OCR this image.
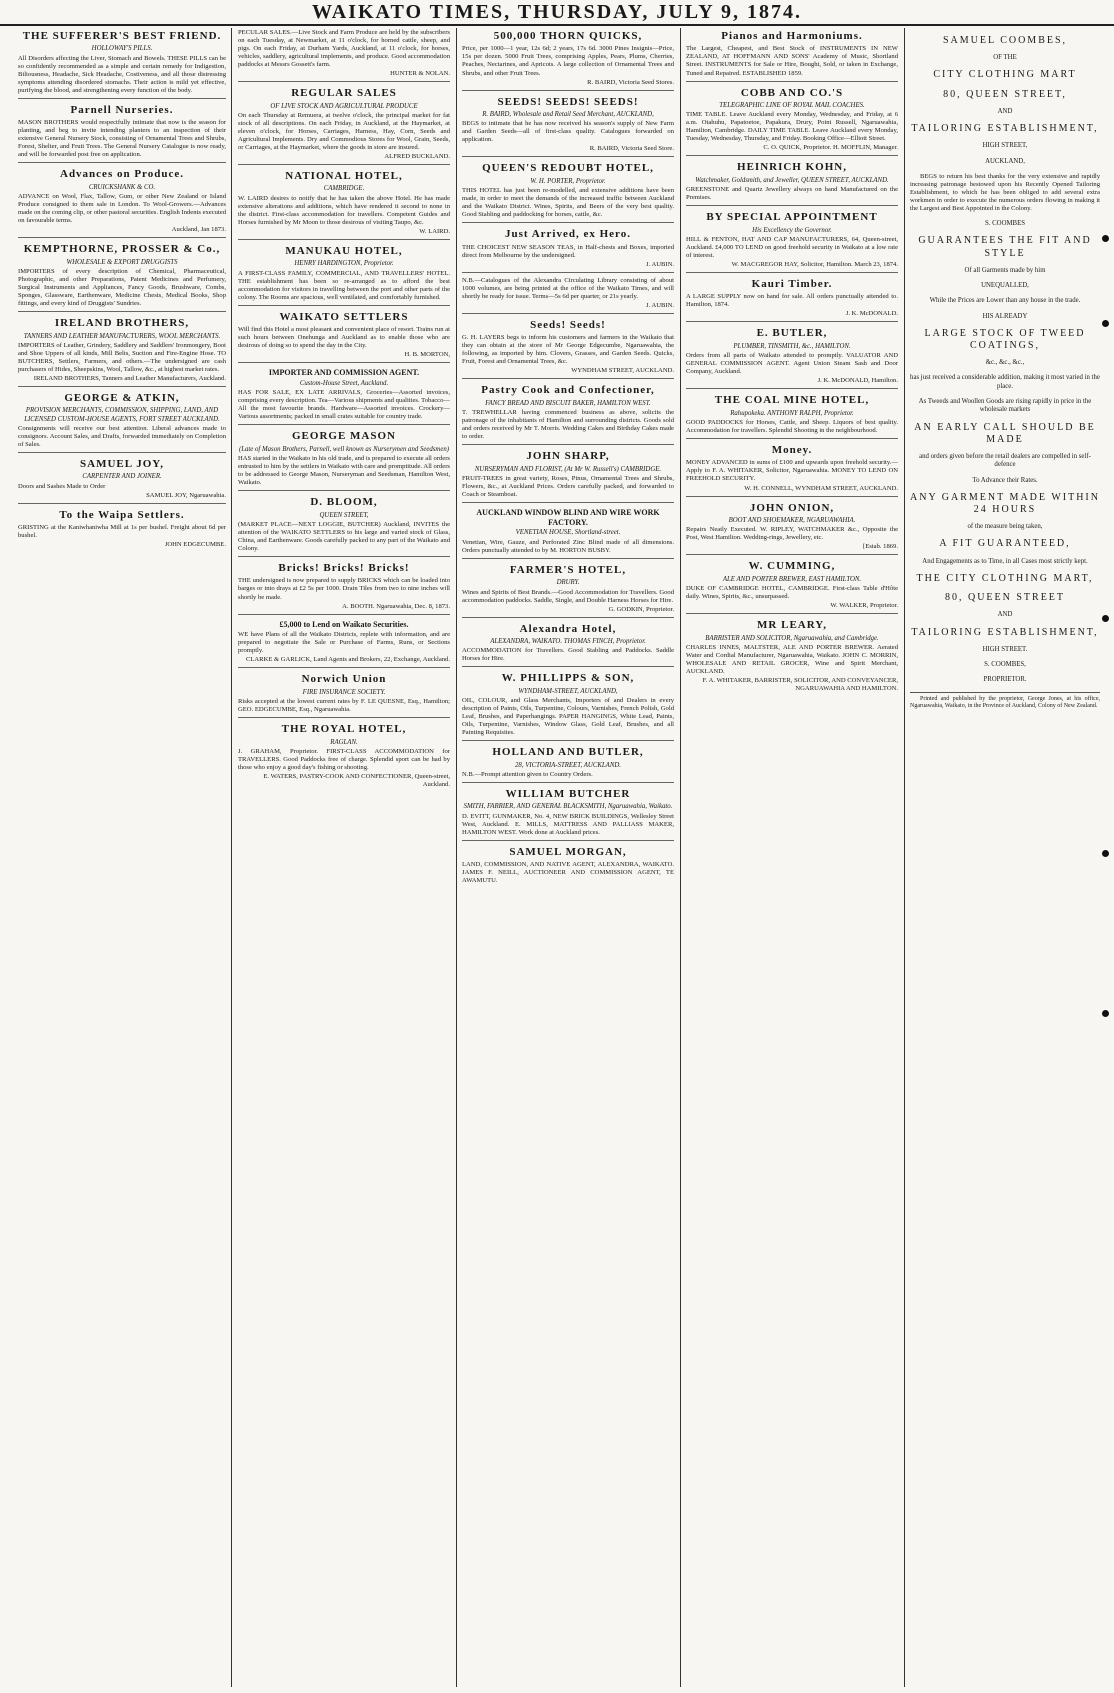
WAIKATO TIMES, THURSDAY, JULY 9, 1874.
THE SUFFERER'S BEST FRIEND.
HOLLOWAY'S PILLS.
All Disorders affecting the Liver, Stomach and Bowels. THESE PILLS can be so confidently recommended as a simple and certain remedy for Indigestion, Biliousness, Headache, Sick Headache, Costiveness, and all those distressing symptoms attending disordered stomachs. Their action is mild yet effective, purifying the blood, and strengthening every function of the body.
Parnell Nurseries.
MASON BROTHERS would respectfully intimate that now is the season for planting, and beg to invite intending planters to an inspection of their extensive General Nursery Stock, consisting of Ornamental Trees and Shrubs, Forest, Shelter, and Fruit Trees. The General Nursery Catalogue is now ready, and will be forwarded post free on application.
Advances on Produce.
CRUICKSHANK & CO.
ADVANCE on Wool, Flax, Tallow, Gum, or other New Zealand or Island Produce consigned to them sale in London. To Wool-Growers.—Advances made on the coming clip, or other pastoral securities. English Indents executed on favourable terms.
Auckland, Jan 1873.
KEMPTHORNE, PROSSER & Co.,
WHOLESALE & EXPORT DRUGGISTS
IMPORTERS of every description of Chemical, Pharmaceutical, Photographic, and other Preparations, Patent Medicines and Perfumery, Surgical Instruments and Appliances, Fancy Goods, Brushware, Combs, Sponges, Glassware, Earthenware, Medicine Chests, Medical Books, Shop fittings, and every kind of Druggists' Sundries.
IRELAND BROTHERS,
TANNERS AND LEATHER MANUFACTURERS, WOOL MERCHANTS.
IMPORTERS of Leather, Grindery, Saddlery and Saddlers' Ironmongery, Boot and Shoe Uppers of all kinds, Mill Belts, Suction and Fire-Engine Hose. TO BUTCHERS, Settlers, Farmers, and others.—The undersigned are cash purchasers of Hides, Sheepskins, Wool, Tallow, &c., at highest market rates.
IRELAND BROTHERS, Tanners and Leather Manufacturers, Auckland.
GEORGE & ATKIN,
PROVISION MERCHANTS, COMMISSION, SHIPPING, LAND, AND LICENSED CUSTOM-HOUSE AGENTS, FORT STREET AUCKLAND.
Consignments will receive our best attention. Liberal advances made to consignors. Account Sales, and Drafts, forwarded immediately on Completion of Sales.
SAMUEL JOY,
CARPENTER AND JOINER.
Doors and Sashes Made to Order
SAMUEL JOY, Ngaruawahia.
To the Waipa Settlers.
GRISTING at the Kaniwhaniwha Mill at 1s per bushel. Freight about 6d per bushel.
JOHN EDGECUMBE.
PECULAR SALES.—Live Stock and Farm Produce are held by the subscribers on each Tuesday, at Newmarket, at 11 o'clock, for horned cattle, sheep, and pigs. On each Friday, at Durham Yards, Auckland, at 11 o'clock, for horses, vehicles, saddlery, agricultural implements, and produce. Good accommodation paddocks at Messrs Gossett's farm.
HUNTER & NOLAN.
REGULAR SALES
OF LIVE STOCK AND AGRICULTURAL PRODUCE
On each Thursday at Remuera, at twelve o'clock, the principal market for fat stock of all descriptions. On each Friday, in Auckland, at the Haymarket, at eleven o'clock, for Horses, Carriages, Harness, Hay, Corn, Seeds and Agricultural Implements. Dry and Commodious Stores for Wool, Grain, Seeds, or Carriages, at the Haymarket, where the goods in store are insured.
ALFRED BUCKLAND.
NATIONAL HOTEL,
CAMBRIDGE.
W. LAIRD desires to notify that he has taken the above Hotel. He has made extensive alterations and additions, which have rendered it second to none in the district. First-class accommodation for travellers. Competent Guides and Horses furnished by Mr Moon to those desirous of visiting Taupo, &c.
W. LAIRD.
MANUKAU HOTEL,
HENRY HARDINGTON, Proprietor.
A FIRST-CLASS FAMILY, COMMERCIAL, AND TRAVELLERS' HOTEL. THE establishment has been so re-arranged as to afford the best accommodation for visitors in travelling between the port and other parts of the colony. The Rooms are spacious, well ventilated, and comfortably furnished.
WAIKATO SETTLERS
Will find this Hotel a most pleasant and convenient place of resort. Trains run at such hours between Onehunga and Auckland as to enable those who are desirous of doing so to spend the day in the City.
H. B. MORTON,
IMPORTER AND COMMISSION AGENT.
Custom-House Street, Auckland.
HAS FOR SALE, EX LATE ARRIVALS, Groceries—Assorted invoices, comprising every description. Tea—Various shipments and qualities. Tobacco—All the most favourite brands. Hardware—Assorted invoices. Crockery—Various assortments; packed in small crates suitable for country trade.
GEORGE MASON
(Late of Mason Brothers, Parnell, well known as Nurserymen and Seedsmen)
HAS started in the Waikato in his old trade, and is prepared to execute all orders entrusted to him by the settlers in Waikato with care and promptitude. All orders to be addressed to George Mason, Nurseryman and Seedsman, Hamilton West, Waikato.
D. BLOOM,
QUEEN STREET,
(MARKET PLACE—NEXT LOGGIE, BUTCHER) Auckland, INVITES the attention of the WAIKATO SETTLERS to his large and varied stock of Glass, China, and Earthenware. Goods carefully packed to any part of the Waikato and Colony.
Bricks! Bricks! Bricks!
THE undersigned is now prepared to supply BRICKS which can be loaded into barges or into drays at £2 5s per 1000. Drain Tiles from two to nine inches will shortly be made.
A. BOOTH. Ngaruawahia, Dec. 8, 1873.
£5,000 to Lend on Waikato Securities.
WE have Plans of all the Waikato Districts, replete with information, and are prepared to negotiate the Sale or Purchase of Farms, Runs, or Sections promptly.
CLARKE & GARLICK, Land Agents and Brokers, 22, Exchange, Auckland.
Norwich Union
FIRE INSURANCE SOCIETY.
Risks accepted at the lowest current rates by F. LE QUESNE, Esq., Hamilton; GEO. EDGECUMBE, Esq., Ngaruawahia.
THE ROYAL HOTEL,
RAGLAN.
J. GRAHAM, Proprietor. FIRST-CLASS ACCOMMODATION for TRAVELLERS. Good Paddocks free of charge. Splendid sport can be had by those who enjoy a good day's fishing or shooting.
E. WATERS, PASTRY-COOK AND CONFECTIONER, Queen-street, Auckland.
500,000 THORN QUICKS,
Price, per 1000—1 year, 12s 6d; 2 years, 17s 6d. 3000 Pines Insignis—Price, 15s per dozen. 5000 Fruit Trees, comprising Apples, Pears, Plums, Cherries, Peaches, Nectarines, and Apricots. A large collection of Ornamental Trees and Shrubs, and other Fruit Trees.
R. BAIRD, Victoria Seed Stores.
SEEDS! SEEDS! SEEDS!
R. BAIRD, Wholesale and Retail Seed Merchant, AUCKLAND,
BEGS to intimate that he has now received his season's supply of New Farm and Garden Seeds—all of first-class quality. Catalogues forwarded on application.
R. BAIRD, Victoria Seed Store.
QUEEN'S REDOUBT HOTEL,
W. H. PORTER, Proprietor.
THIS HOTEL has just been re-modelled, and extensive additions have been made, in order to meet the demands of the increased traffic between Auckland and the Waikato District. Wines, Spirits, and Beers of the very best quality. Good Stabling and paddocking for horses, cattle, &c.
Just Arrived, ex Hero.
THE CHOICEST NEW SEASON TEAS, in Half-chests and Boxes, imported direct from Melbourne by the undersigned.
J. AUBIN.
N.B.—Catalogues of the Alexandra Circulating Library consisting of about 1000 volumes, are being printed at the office of the Waikato Times, and will shortly be ready for issue. Terms—5s 6d per quarter, or 21s yearly.
J. AUBIN.
Seeds! Seeds!
G. H. LAYERS begs to inform his customers and farmers in the Waikato that they can obtain at the store of Mr George Edgecumbe, Ngaruawahia, the following, as imported by him. Clovers, Grasses, and Garden Seeds. Quicks, Fruit, Forest and Ornamental Trees, &c.
WYNDHAM STREET, AUCKLAND.
Pastry Cook and Confectioner,
FANCY BREAD AND BISCUIT BAKER, HAMILTON WEST.
T. TREWHELLAR having commenced business as above, solicits the patronage of the inhabitants of Hamilton and surrounding districts. Goods sold and orders received by Mr T. Morris. Wedding Cakes and Birthday Cakes made to order.
JOHN SHARP,
NURSERYMAN AND FLORIST, (At Mr W. Russell's) CAMBRIDGE.
FRUIT-TREES in great variety, Roses, Pinus, Ornamental Trees and Shrubs, Flowers, &c., at Auckland Prices. Orders carefully packed, and forwarded to Coach or Steamboat.
AUCKLAND WINDOW BLIND AND WIRE WORK FACTORY.
VENETIAN HOUSE, Shortland-street.
Venetian, Wire, Gauze, and Perforated Zinc Blind made of all dimensions. Orders punctually attended to by M. HORTON BUSBY.
FARMER'S HOTEL,
DRURY.
Wines and Spirits of Best Brands.—Good Accommodation for Travellers. Good accommodation paddocks. Saddle, Single, and Double Harness Horses for Hire.
G. GODKIN, Proprietor.
Alexandra Hotel,
ALEXANDRA, WAIKATO. THOMAS FINCH, Proprietor.
ACCOMMODATION for Travellers. Good Stabling and Paddocks. Saddle Horses for Hire.
W. PHILLIPPS & SON,
WYNDHAM-STREET, AUCKLAND,
OIL, COLOUR, and Glass Merchants, Importers of and Dealers in every description of Paints, Oils, Turpentine, Colours, Varnishes, French Polish, Gold Leaf, Brushes, and Paperhangings. PAPER HANGINGS, White Lead, Paints, Oils, Turpentine, Varnishes, Window Glass, Gold Leaf, Brushes, and all Painting Requisites.
HOLLAND AND BUTLER,
28, VICTORIA-STREET, AUCKLAND.
N.B.—Prompt attention given to Country Orders.
WILLIAM BUTCHER
SMITH, FARRIER, AND GENERAL BLACKSMITH, Ngaruawahia, Waikato.
D. EVITT, GUNMAKER, No. 4, NEW BRICK BUILDINGS, Wellesley Street West, Auckland. E. MILLS, MATTRESS AND PALLIASS MAKER, HAMILTON WEST. Work done at Auckland prices.
SAMUEL MORGAN,
LAND, COMMISSION, AND NATIVE AGENT, ALEXANDRA, WAIKATO. JAMES F. NEILL, AUCTIONEER AND COMMISSION AGENT, TE AWAMUTU.
Pianos and Harmoniums.
The Largest, Cheapest, and Best Stock of INSTRUMENTS IN NEW ZEALAND, AT HOFFMANN AND SONS' Academy of Music, Shortland Street. INSTRUMENTS for Sale or Hire, Bought, Sold, or taken in Exchange, Tuned and Repaired. ESTABLISHED 1859.
COBB AND CO.'S
TELEGRAPHIC LINE OF ROYAL MAIL COACHES.
TIME TABLE. Leave Auckland every Monday, Wednesday, and Friday, at 6 a.m. Otahuhu, Papatoetoe, Papakura, Drury, Point Russell, Ngaruawahia, Hamilton, Cambridge. DAILY TIME TABLE. Leave Auckland every Monday, Tuesday, Wednesday, Thursday, and Friday. Booking Office—Elliott Street.
C. O. QUICK, Proprietor. H. MOFFLIN, Manager.
HEINRICH KOHN,
Watchmaker, Goldsmith, and Jeweller, QUEEN STREET, AUCKLAND.
GREENSTONE and Quartz Jewellery always on hand Manufactured on the Premises.
BY SPECIAL APPOINTMENT
His Excellency the Governor.
HILL & FENTON, HAT AND CAP MANUFACTURERS, 64, Queen-street, Auckland. £4,000 TO LEND on good freehold security in Waikato at a low rate of interest.
W. MACGREGOR HAY, Solicitor, Hamilton. March 23, 1874.
Kauri Timber.
A LARGE SUPPLY now on hand for sale. All orders punctually attended to. Hamilton, 1874.
J. K. McDONALD.
E. BUTLER,
PLUMBER, TINSMITH, &c., HAMILTON.
Orders from all parts of Waikato attended to promptly. VALUATOR AND GENERAL COMMISSION AGENT. Agent Union Steam Sash and Door Company, Auckland.
J. K. McDONALD, Hamilton.
THE COAL MINE HOTEL,
Rahupokeka. ANTHONY RALPH, Proprietor.
GOOD PADDOCKS for Horses, Cattle, and Sheep. Liquors of best quality. Accommodation for travellers. Splendid Shooting in the neighbourhood.
Money.
MONEY ADVANCED in sums of £100 and upwards upon freehold security.—Apply to F. A. WHITAKER, Solicitor, Ngaruawahia. MONEY TO LEND ON FREEHOLD SECURITY.
W. H. CONNELL, WYNDHAM STREET, AUCKLAND.
JOHN ONION,
BOOT AND SHOEMAKER, NGARUAWAHIA.
Repairs Neatly Executed. W. RIPLEY, WATCHMAKER &c., Opposite the Post, West Hamilton. Wedding-rings, Jewellery, etc.
[Estab. 1869.
W. CUMMING,
ALE AND PORTER BREWER, EAST HAMILTON.
DUKE OF CAMBRIDGE HOTEL, CAMBRIDGE. First-class Table d'Hôte daily. Wines, Spirits, &c., unsurpassed.
W. WALKER, Proprietor.
MR LEARY,
BARRISTER AND SOLICITOR, Ngaruawahia, and Cambridge.
CHARLES INNES, MALTSTER, ALE AND PORTER BREWER. Aerated Water and Cordial Manufacturer, Ngaruawahia, Waikato. JOHN C. MORRIN, WHOLESALE AND RETAIL GROCER, Wine and Spirit Merchant, AUCKLAND.
F. A. WHITAKER, BARRISTER, SOLICITOR, AND CONVEYANCER, NGARUAWAHIA AND HAMILTON.
SAMUEL COOMBES,
OF THE
CITY CLOTHING MART
80, QUEEN STREET,
AND
TAILORING ESTABLISHMENT,
HIGH STREET,
AUCKLAND,
BEGS to return his best thanks for the very extensive and rapidly increasing patronage bestowed upon his Recently Opened Tailoring Establishment, to which he has been obliged to add several extra workmen in order to execute the numerous orders flowing in making it the Largest and Best Appointed in the Colony.
S. COOMBES
GUARANTEES THE FIT AND STYLE
Of all Garments made by him
UNEQUALLED,
While the Prices are Lower than any house in the trade.
HIS ALREADY
LARGE STOCK OF TWEED COATINGS,
&c., &c., &c.,
has just received a considerable addition, making it most varied in the place.
As Tweeds and Woollen Goods are rising rapidly in price in the wholesale markets
AN EARLY CALL SHOULD BE MADE
and orders given before the retail dealers are compelled in self-defence
To Advance their Rates.
ANY GARMENT MADE WITHIN 24 HOURS
of the measure being taken,
A FIT GUARANTEED,
And Engagements as to Time, in all Cases most strictly kept.
THE CITY CLOTHING MART,
80, QUEEN STREET
AND
TAILORING ESTABLISHMENT,
HIGH STREET.
S. COOMBES,
PROPRIETOR.
Printed and published by the proprietor, George Jones, at his office, Ngaruawahia, Waikato, in the Province of Auckland, Colony of New Zealand.
